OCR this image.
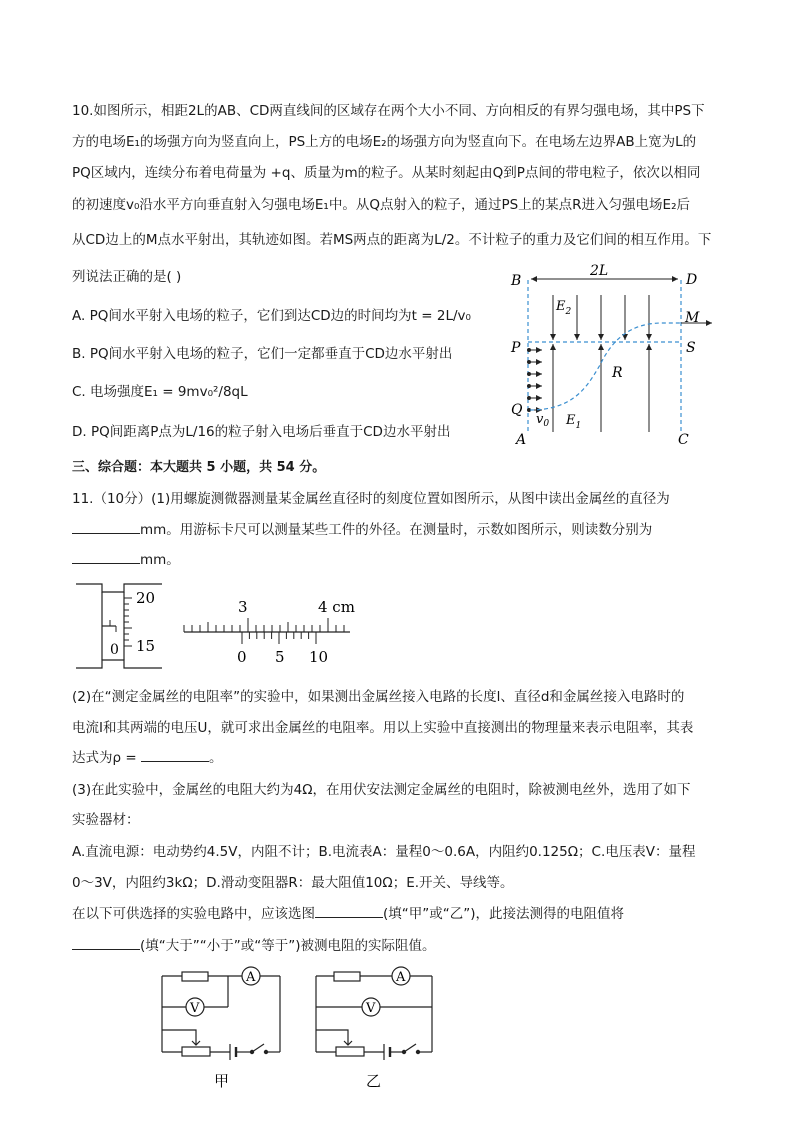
10.如图所示，相距2L的AB、CD两直线间的区域存在两个大小不同、方向相反的有界匀强电场，其中PS下
方的电场E₁的场强方向为竖直向上，PS上方的电场E₂的场强方向为竖直向下。在电场左边界AB上宽为L的
PQ区域内，连续分布着电荷量为 +q、质量为m的粒子。从某时刻起由Q到P点间的带电粒子，依次以相同
的初速度v₀沿水平方向垂直射入匀强电场E₁中。从Q点射入的粒子，通过PS上的某点R进入匀强电场E₂后
从CD边上的M点水平射出，其轨迹如图。若MS两点的距离为L/2。不计粒子的重力及它们间的相互作用。下
列说法正确的是( )
A. PQ间水平射入电场的粒子，它们到达CD边的时间均为t = 2L/v₀
B. PQ间水平射入电场的粒子，它们一定都垂直于CD边水平射出
C. 电场强度E₁ = 9mv₀²/8qL
D. PQ间距离P点为L/16的粒子射入电场后垂直于CD边水平射出
B	D
2L
$E_2$	M
P	S
R
Q
$v_0$ $E_1$
A	C
三、综合题：本大题共 5 小题，共 54 分。
11.（10分）(1)用螺旋测微器测量某金属丝直径时的刻度位置如图所示，从图中读出金属丝的直径为
mm。用游标卡尺可以测量某些工件的外径。在测量时，示数如图所示，则读数分别为
mm。
20
15
0
3	4 cm
0 5 10
(2)在“测定金属丝的电阻率”的实验中，如果测出金属丝接入电路的长度l、直径d和金属丝接入电路时的
电流I和其两端的电压U，就可求出金属丝的电阻率。用以上实验中直接测出的物理量来表示电阻率，其表
达式为ρ =	。
(3)在此实验中，金属丝的电阻大约为4Ω，在用伏安法测定金属丝的电阻时，除被测电丝外，选用了如下
实验器材：
A.直流电源：电动势约4.5V，内阻不计；B.电流表A：量程0～0.6A，内阻约0.125Ω；C.电压表V：量程
0～3V，内阻约3kΩ；D.滑动变阻器R：最大阻值10Ω；E.开关、导线等。
在以下可供选择的实验电路中，应该选图	(填“甲”或“乙”)，此接法测得的电阻值将
(填“大于”“小于”或“等于”)被测电阻的实际阻值。
A
V
A
V
甲	乙
